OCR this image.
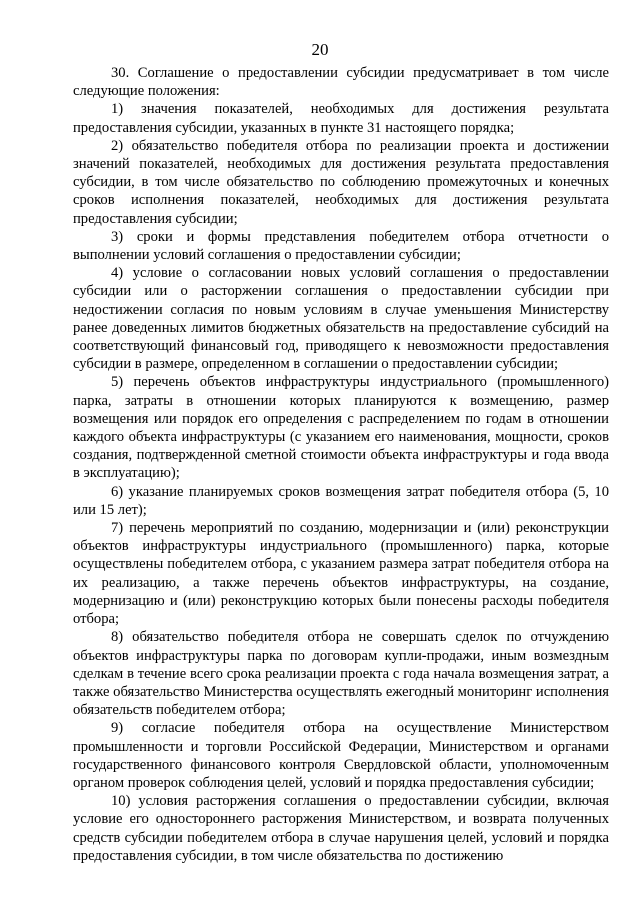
20

30. Соглашение о предоставлении субсидии предусматривает в том числе следующие положения:

1) значения показателей, необходимых для достижения результата предоставления субсидии, указанных в пункте 31 настоящего порядка;

2) обязательство победителя отбора по реализации проекта и достижении значений показателей, необходимых для достижения результата предоставления субсидии, в том числе обязательство по соблюдению промежуточных и конечных сроков исполнения показателей, необходимых для достижения результата предоставления субсидии;

3) сроки и формы представления победителем отбора отчетности о выполнении условий соглашения о предоставлении субсидии;

4) условие о согласовании новых условий соглашения о предоставлении субсидии или о расторжении соглашения о предоставлении субсидии при недостижении согласия по новым условиям в случае уменьшения Министерству ранее доведенных лимитов бюджетных обязательств на предоставление субсидий на соответствующий финансовый год, приводящего к невозможности предоставления субсидии в размере, определенном в соглашении о предоставлении субсидии;

5) перечень объектов инфраструктуры индустриального (промышленного) парка, затраты в отношении которых планируются к возмещению, размер возмещения или порядок его определения с распределением по годам в отношении каждого объекта инфраструктуры (с указанием его наименования, мощности, сроков создания, подтвержденной сметной стоимости объекта инфраструктуры и года ввода в эксплуатацию);

6) указание планируемых сроков возмещения затрат победителя отбора (5, 10 или 15 лет);

7) перечень мероприятий по созданию, модернизации и (или) реконструкции объектов инфраструктуры индустриального (промышленного) парка, которые осуществлены победителем отбора, с указанием размера затрат победителя отбора на их реализацию, а также перечень объектов инфраструктуры, на создание, модернизацию и (или) реконструкцию которых были понесены расходы победителя отбора;

8) обязательство победителя отбора не совершать сделок по отчуждению объектов инфраструктуры парка по договорам купли-продажи, иным возмездным сделкам в течение всего срока реализации проекта с года начала возмещения затрат, а также обязательство Министерства осуществлять ежегодный мониторинг исполнения обязательств победителем отбора;

9) согласие победителя отбора на осуществление Министерством промышленности и торговли Российской Федерации, Министерством и органами государственного финансового контроля Свердловской области, уполномоченным органом проверок соблюдения целей, условий и порядка предоставления субсидии;

10) условия расторжения соглашения о предоставлении субсидии, включая условие его одностороннего расторжения Министерством, и возврата полученных средств субсидии победителем отбора в случае нарушения целей, условий и порядка предоставления субсидии, в том числе обязательства по достижению
